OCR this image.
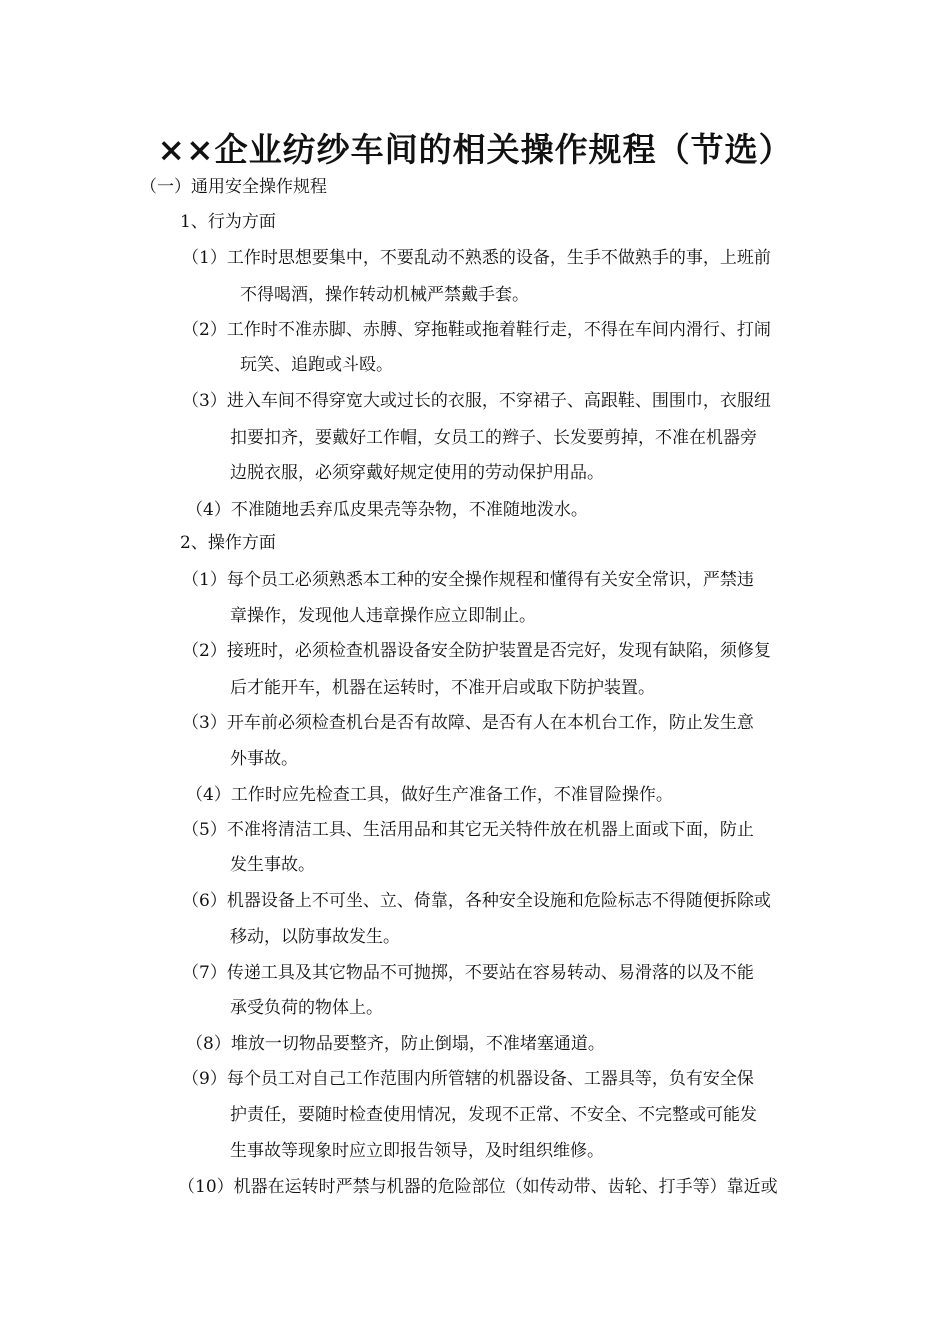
××企业纺纱车间的相关操作规程（节选）
（一）通用安全操作规程
1、行为方面
（1）工作时思想要集中，不要乱动不熟悉的设备，生手不做熟手的事，上班前
不得喝酒，操作转动机械严禁戴手套。
（2）工作时不准赤脚、赤膊、穿拖鞋或拖着鞋行走，不得在车间内滑行、打闹
玩笑、追跑或斗殴。
（3）进入车间不得穿宽大或过长的衣服，不穿裙子、高跟鞋、围围巾，衣服纽
扣要扣齐，要戴好工作帽，女员工的辫子、长发要剪掉，不准在机器旁
边脱衣服，必须穿戴好规定使用的劳动保护用品。
（4）不准随地丢弃瓜皮果壳等杂物，不准随地泼水。
2、操作方面
（1）每个员工必须熟悉本工种的安全操作规程和懂得有关安全常识，严禁违
章操作，发现他人违章操作应立即制止。
（2）接班时，必须检查机器设备安全防护装置是否完好，发现有缺陷，须修复
后才能开车，机器在运转时，不准开启或取下防护装置。
（3）开车前必须检查机台是否有故障、是否有人在本机台工作，防止发生意
外事故。
（4）工作时应先检查工具，做好生产准备工作，不准冒险操作。
（5）不准将清洁工具、生活用品和其它无关特件放在机器上面或下面，防止
发生事故。
（6）机器设备上不可坐、立、倚靠，各种安全设施和危险标志不得随便拆除或
移动，以防事故发生。
（7）传递工具及其它物品不可抛掷，不要站在容易转动、易滑落的以及不能
承受负荷的物体上。
（8）堆放一切物品要整齐，防止倒塌，不准堵塞通道。
（9）每个员工对自己工作范围内所管辖的机器设备、工器具等，负有安全保
护责任，要随时检查使用情况，发现不正常、不安全、不完整或可能发
生事故等现象时应立即报告领导，及时组织维修。
（10）机器在运转时严禁与机器的危险部位（如传动带、齿轮、打手等）靠近或
